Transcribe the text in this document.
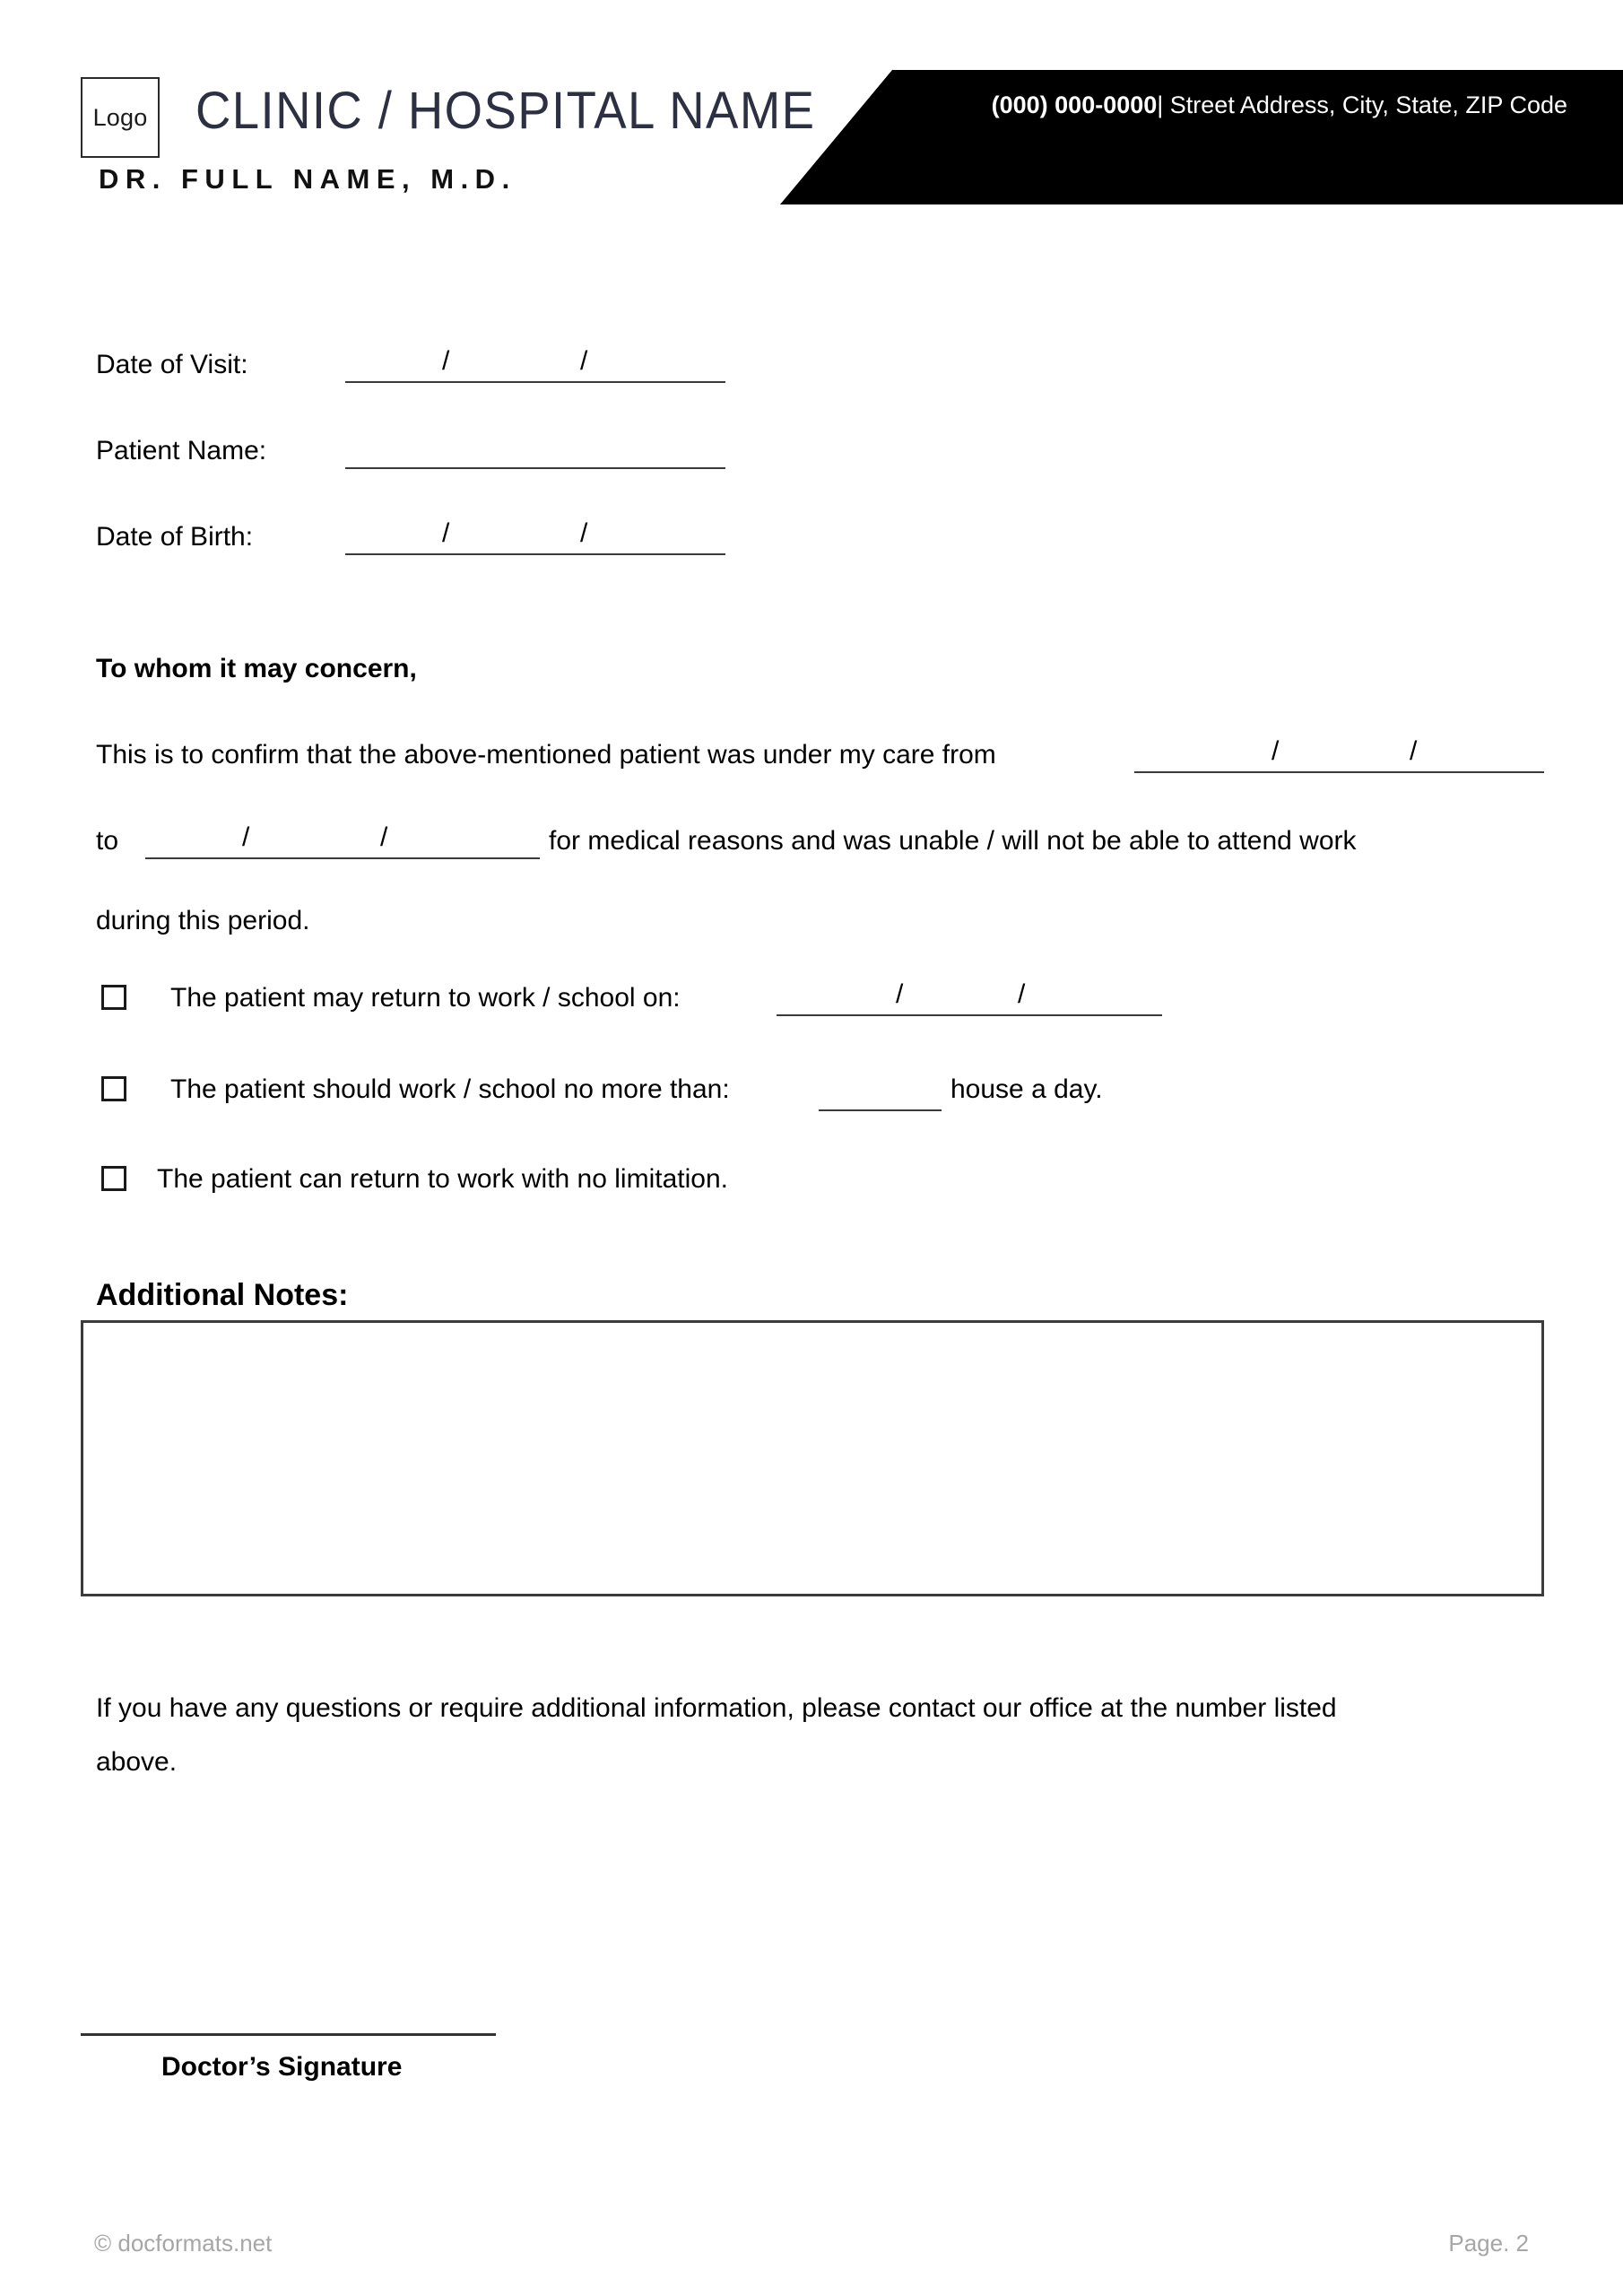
Logo CLINIC / HOSPITAL NAME
DR. FULL NAME, M.D.
DOCTOR’S NOTE
(000) 000-0000| Street Address, City, State, ZIP Code
Date of Visit:	/	/
Patient Name:
Date of Birth:	/	/
To whom it may concern,
This is to confirm that the above-mentioned patient was under my care from	/	/
to	/	/	for medical reasons and was unable / will not be able to attend work
during this period.
The patient may return to work / school on:	/	/
The patient should work / school no more than:	house a day.
The patient can return to work with no limitation.
Additional Notes:
If you have any questions or require additional information, please contact our office at the number listed
above.
Doctor’s Signature
© docformats.net	Page. 2
